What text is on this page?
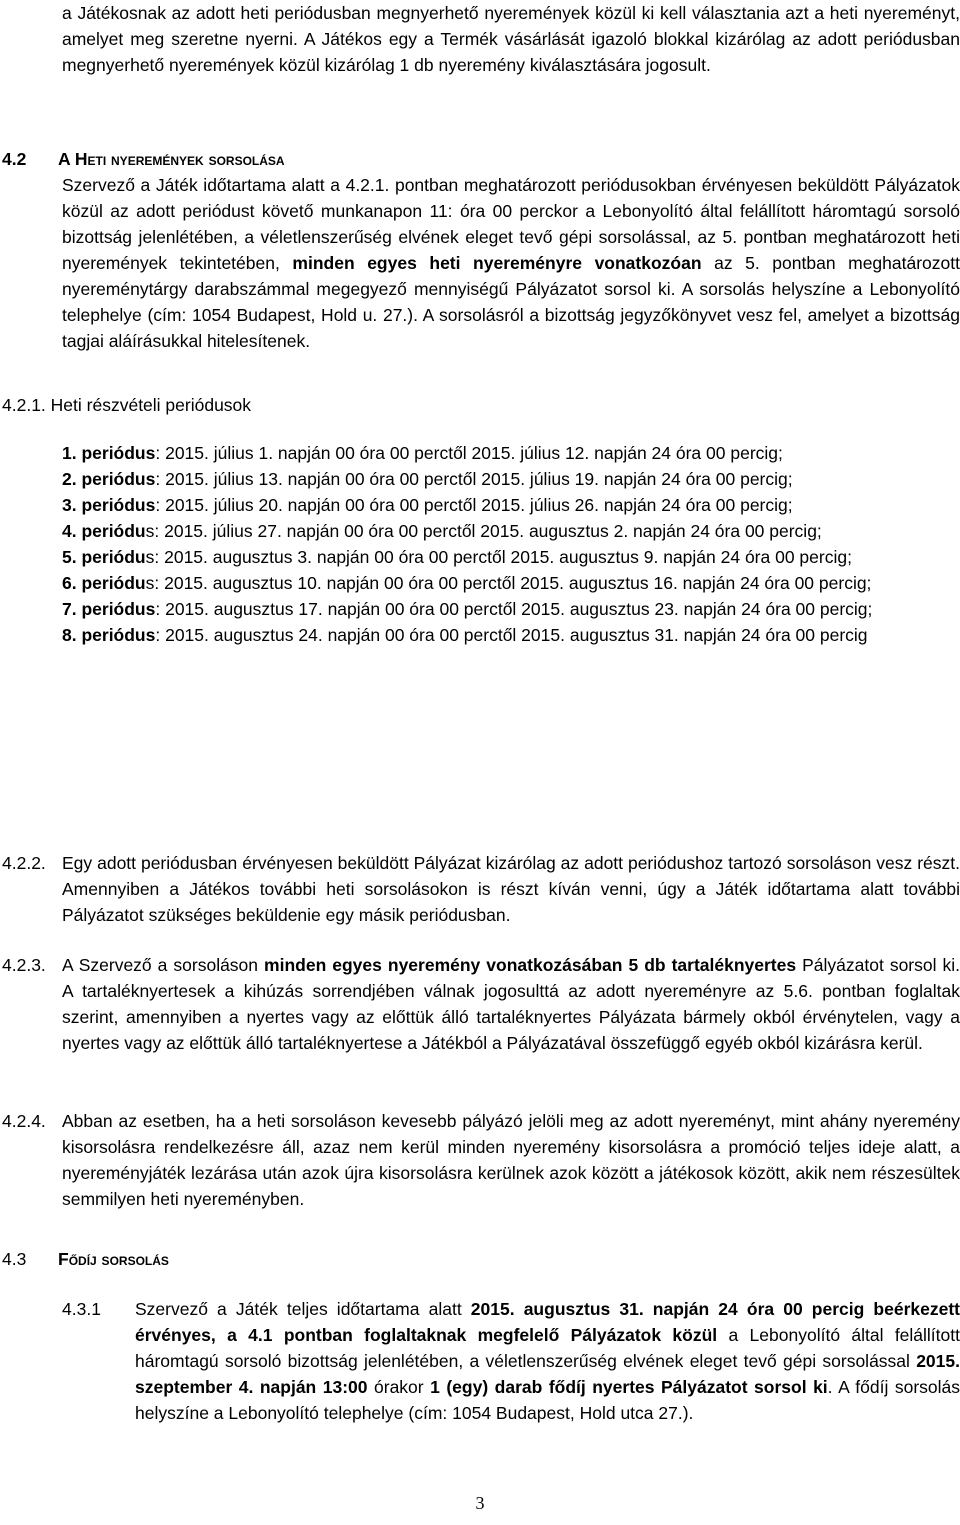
a Játékosnak az adott heti periódusban megnyerhető nyeremények közül ki kell választania azt a heti nyereményt, amelyet meg szeretne nyerni. A Játékos egy a Termék vásárlását igazoló blokkal kizárólag az adott periódusban megnyerhető nyeremények közül kizárólag 1 db nyeremény kiválasztására jogosult.

4.2 A Heti nyeremények sorsolása

Szervező a Játék időtartama alatt a 4.2.1. pontban meghatározott periódusokban érvényesen beküldött Pályázatok közül az adott periódust követő munkanapon 11: óra 00 perckor a Lebonyolító által felállított háromtagú sorsoló bizottság jelenlétében, a véletlenszerűség elvének eleget tevő gépi sorsolással, az 5. pontban meghatározott heti nyeremények tekintetében, minden egyes heti nyereményre vonatkozóan az 5. pontban meghatározott nyereménytárgy darabszámmal megegyező mennyiségű Pályázatot sorsol ki. A sorsolás helyszíne a Lebonyolító telephelye (cím: 1054 Budapest, Hold u. 27.). A sorsolásról a bizottság jegyzőkönyvet vesz fel, amelyet a bizottság tagjai aláírásukkal hitelesítenek.

4.2.1. Heti részvételi periódusok

1. periódus: 2015. július 1. napján 00 óra 00 perctől 2015. július 12. napján 24 óra 00 percig;

2. periódus: 2015. július 13. napján 00 óra 00 perctől 2015. július 19. napján 24 óra 00 percig;

3. periódus: 2015. július 20. napján 00 óra 00 perctől 2015. július 26. napján 24 óra 00 percig;

4. periódus: 2015. július 27. napján 00 óra 00 perctől 2015. augusztus 2. napján 24 óra 00 percig;

5. periódus: 2015. augusztus 3. napján 00 óra 00 perctől 2015. augusztus 9. napján 24 óra 00 percig;

6. periódus: 2015. augusztus 10. napján 00 óra 00 perctől 2015. augusztus 16. napján 24 óra 00 percig;

7. periódus: 2015. augusztus 17. napján 00 óra 00 perctől 2015. augusztus 23. napján 24 óra 00 percig;

8. periódus: 2015. augusztus 24. napján 00 óra 00 perctől 2015. augusztus 31. napján 24 óra 00 percig

4.2.2. Egy adott periódusban érvényesen beküldött Pályázat kizárólag az adott periódushoz tartozó sorsoláson vesz részt. Amennyiben a Játékos további heti sorsolásokon is részt kíván venni, úgy a Játék időtartama alatt további Pályázatot szükséges beküldenie egy másik periódusban.

4.2.3. A Szervező a sorsoláson minden egyes nyeremény vonatkozásában 5 db tartaléknyertes Pályázatot sorsol ki. A tartaléknyertesek a kihúzás sorrendjében válnak jogosulttá az adott nyereményre az 5.6. pontban foglaltak szerint, amennyiben a nyertes vagy az előttük álló tartaléknyertes Pályázata bármely okból érvénytelen, vagy a nyertes vagy az előttük álló tartaléknyertese a Játékból a Pályázatával összefüggő egyéb okból kizárásra kerül.

4.2.4. Abban az esetben, ha a heti sorsoláson kevesebb pályázó jelöli meg az adott nyereményt, mint ahány nyeremény kisorsolásra rendelkezésre áll, azaz nem kerül minden nyeremény kisorsolásra a promóció teljes ideje alatt, a nyereményjáték lezárása után azok újra kisorsolásra kerülnek azok között a játékosok között, akik nem részesültek semmilyen heti nyereményben.

4.3 Fődíj sorsolás
4.3.1 Szervező a Játék teljes időtartama alatt 2015. augusztus 31. napján 24 óra 00 percig beérkezett érvényes, a 4.1 pontban foglaltaknak megfelelő Pályázatok közül a Lebonyolító által felállított háromtagú sorsoló bizottság jelenlétében, a véletlenszerűség elvének eleget tevő gépi sorsolással 2015. szeptember 4. napján 13:00 órakor 1 (egy) darab fődíj nyertes Pályázatot sorsol ki. A fődíj sorsolás helyszíne a Lebonyolító telephelye (cím: 1054 Budapest, Hold utca 27.).

3
